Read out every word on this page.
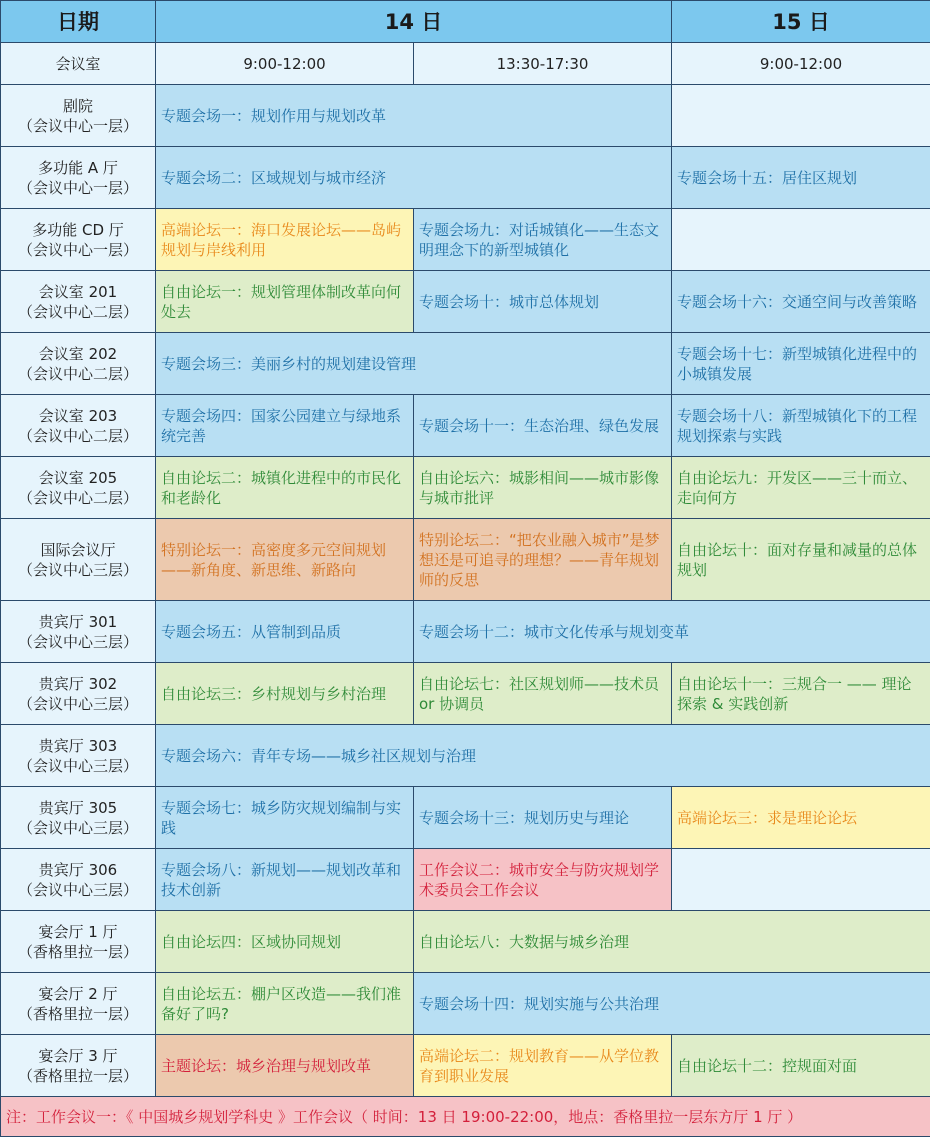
日期	14 日		15 日
会议室	9:00-12:00	13:30-17:30	9:00-12:00

剧院
（会议中心一层）	专题会场一：规划作用与规划改革		

多功能 A 厅
（会议中心一层）	专题会场二：区域规划与城市经济		专题会场十五：居住区规划

多功能 CD 厅
（会议中心一层）	高端论坛一：海口发展论坛——岛屿规划与岸线利用	专题会场九：对话城镇化——生态文明理念下的新型城镇化	

会议室 201
（会议中心二层）	自由论坛一：规划管理体制改革向何处去	专题会场十：城市总体规划	专题会场十六：交通空间与改善策略

会议室 202
（会议中心二层）	专题会场三：美丽乡村的规划建设管理		专题会场十七：新型城镇化进程中的小城镇发展

会议室 203
（会议中心二层）	专题会场四：国家公园建立与绿地系统完善	专题会场十一：生态治理、绿色发展	专题会场十八：新型城镇化下的工程规划探索与实践

会议室 205
（会议中心二层）	自由论坛二：城镇化进程中的市民化和老龄化	自由论坛六：城影相间——城市影像与城市批评	自由论坛九：开发区——三十而立、走向何方

国际会议厅
（会议中心三层）	特别论坛一：高密度多元空间规划——新角度、新思维、新路向	特别论坛二：“把农业融入城市”是梦想还是可追寻的理想？——青年规划师的反思	自由论坛十：面对存量和减量的总体规划

贵宾厅 301
（会议中心三层）	专题会场五：从管制到品质	专题会场十二：城市文化传承与规划变革	

贵宾厅 302
（会议中心三层）	自由论坛三：乡村规划与乡村治理	自由论坛七：社区规划师——技术员 or 协调员	自由论坛十一：三规合一 —— 理论探索 & 实践创新

贵宾厅 303
（会议中心三层）	专题会场六：青年专场——城乡社区规划与治理		

贵宾厅 305
（会议中心三层）	专题会场七：城乡防灾规划编制与实践	专题会场十三：规划历史与理论	高端论坛三：求是理论论坛

贵宾厅 306
（会议中心三层）	专题会场八：新规划——规划改革和技术创新	工作会议二：城市安全与防灾规划学术委员会工作会议	

宴会厅 1 厅
（香格里拉一层）	自由论坛四：区域协同规划	自由论坛八：大数据与城乡治理	

宴会厅 2 厅
（香格里拉一层）	自由论坛五：棚户区改造——我们准备好了吗?	专题会场十四：规划实施与公共治理	

宴会厅 3 厅
（香格里拉一层）	主题论坛：城乡治理与规划改革	高端论坛二：规划教育——从学位教育到职业发展	自由论坛十二：控规面对面
注：工作会议一：《 中国城乡规划学科史 》工作会议（ 时间：13 日 19:00-22:00，地点：香格里拉一层东方厅 1 厅 ）			
